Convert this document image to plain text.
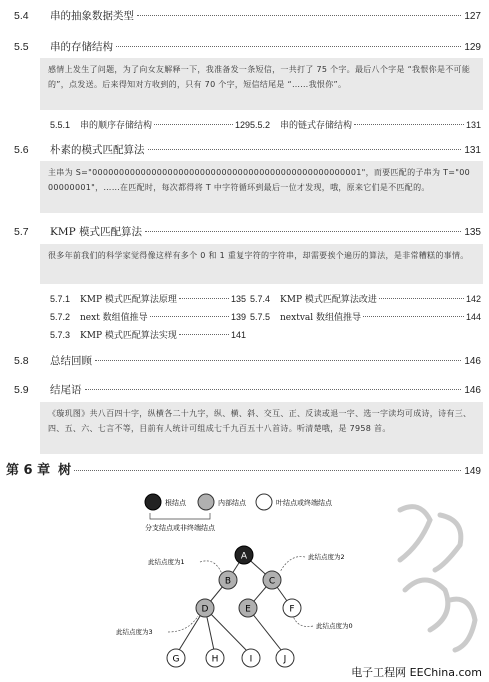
5.4	串的抽象数据类型	127
5.5	串的存储结构	129
感情上发生了问题，为了向女友解释一下，我准备发一条短信，一共打了 75 个字。最后八个字是 “我恨你是不可能的”，点发送。后来得知对方收到的，只有 70 个字，短信结尾是 “……我恨你”。
5.5.1	串的顺序存储结构	129 5.5.2	串的链式存储结构	131
5.6	朴素的模式匹配算法	131
主串为 S="00000000000000000000000000000000000000000000000001"，而要匹配的子串为 T="0000000001"，……在匹配时，每次都得将 T 中字符循环到最后一位才发现，哦，原来它们是不匹配的。
5.7	KMP 模式匹配算法	135
很多年前我们的科学家觉得像这样有多个 0 和 1 重复字符的字符串，却需要挨个遍历的算法，是非常糟糕的事情。
5.7.1	KMP 模式匹配算法原理	135 5.7.4	KMP 模式匹配算法改进	142
5.7.2	next 数组值推导	139 5.7.5	nextval 数组值推导	144
5.7.3	KMP 模式匹配算法实现	141
5.8	总结回顾	146
5.9	结尾语	146
《璇玑图》共八百四十字，纵横各二十九字，纵、横、斜、交互、正、反读或退一字、选一字读均可成诗，诗有三、四、五、六、七言不等，目前有人统计可组成七千九百五十八首诗。听清楚哦，是 7958 首。
第 6 章 树	149
根结点	内部结点	叶结点或终端结点
分支结点或非终端结点
A
B	C
D	E	F
G	H	I	J
此结点度为1
此结点度为2
此结点度为3
此结点度为0
电子工程网 EEChina.com
